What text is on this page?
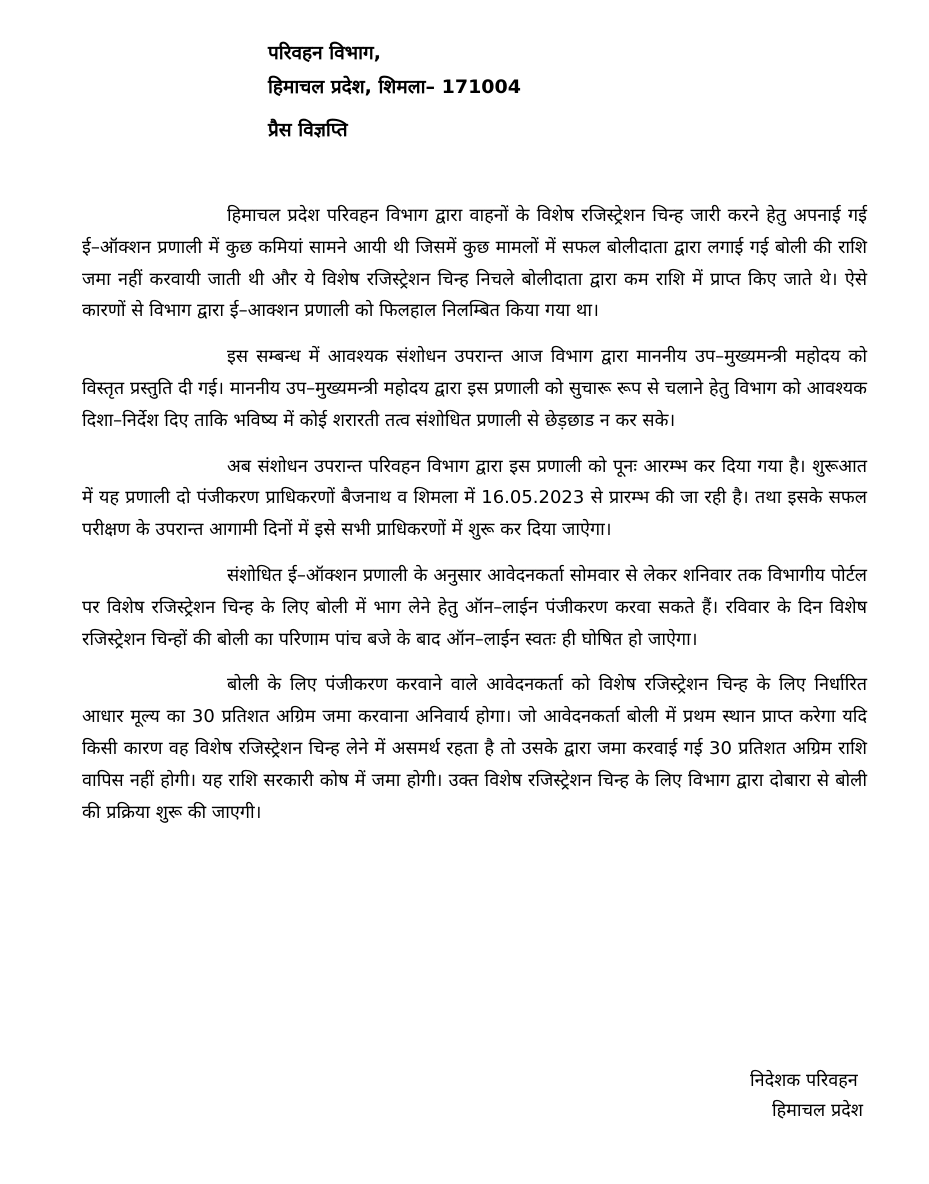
परिवहन विभाग,
हिमाचल प्रदेश, शिमला– 171004
प्रैस विज्ञप्ति

हिमाचल प्रदेश परिवहन विभाग द्वारा वाहनों के विशेष रजिस्ट्रेशन चिन्ह जारी करने हेतु अपनाई गई ई–ऑक्शन प्रणाली में कुछ कमियां सामने आयी थी जिसमें कुछ मामलों में सफल बोलीदाता द्वारा लगाई गई बोली की राशि जमा नहीं करवायी जाती थी और ये विशेष रजिस्ट्रेशन चिन्ह निचले बोलीदाता द्वारा कम राशि में प्राप्त किए जाते थे। ऐसे कारणों से विभाग द्वारा ई–आक्शन प्रणाली को फिलहाल निलम्बित किया गया था।

इस सम्बन्ध में आवश्यक संशोधन उपरान्त आज विभाग द्वारा माननीय उप–मुख्यमन्त्री महोदय को विस्तृत प्रस्तुति दी गई। माननीय उप–मुख्यमन्त्री महोदय द्वारा इस प्रणाली को सुचारू रूप से चलाने हेतु विभाग को आवश्यक दिशा–निर्देश दिए ताकि भविष्य में कोई शरारती तत्व संशोधित प्रणाली से छेड़छाड न कर सके।

अब संशोधन उपरान्त परिवहन विभाग द्वारा इस प्रणाली को पूनः आरम्भ कर दिया गया है। शुरूआत में यह प्रणाली दो पंजीकरण प्राधिकरणों बैजनाथ व शिमला में 16.05.2023 से प्रारम्भ की जा रही है। तथा इसके सफल परीक्षण के उपरान्त आगामी दिनों में इसे सभी प्राधिकरणों में शुरू कर दिया जाऐगा।

संशोधित ई–ऑक्शन प्रणाली के अनुसार आवेदनकर्ता सोमवार से लेकर शनिवार तक विभागीय पोर्टल पर विशेष रजिस्ट्रेशन चिन्ह के लिए बोली में भाग लेने हेतु ऑन–लाईन पंजीकरण करवा सकते हैं। रविवार के दिन विशेष रजिस्ट्रेशन चिन्हों की बोली का परिणाम पांच बजे के बाद ऑन–लाईन स्वतः ही घोषित हो जाऐगा।

बोली के लिए पंजीकरण करवाने वाले आवेदनकर्ता को विशेष रजिस्ट्रेशन चिन्ह के लिए निर्धारित आधार मूल्य का 30 प्रतिशत अग्रिम जमा करवाना अनिवार्य होगा। जो आवेदनकर्ता बोली में प्रथम स्थान प्राप्त करेगा यदि किसी कारण वह विशेष रजिस्ट्रेशन चिन्ह लेने में असमर्थ रहता है तो उसके द्वारा जमा करवाई गई 30 प्रतिशत अग्रिम राशि वापिस नहीं होगी। यह राशि सरकारी कोष में जमा होगी। उक्त विशेष रजिस्ट्रेशन चिन्ह के लिए विभाग द्वारा दोबारा से बोली की प्रक्रिया शुरू की जाएगी।

निदेशक परिवहन
हिमाचल प्रदेश
